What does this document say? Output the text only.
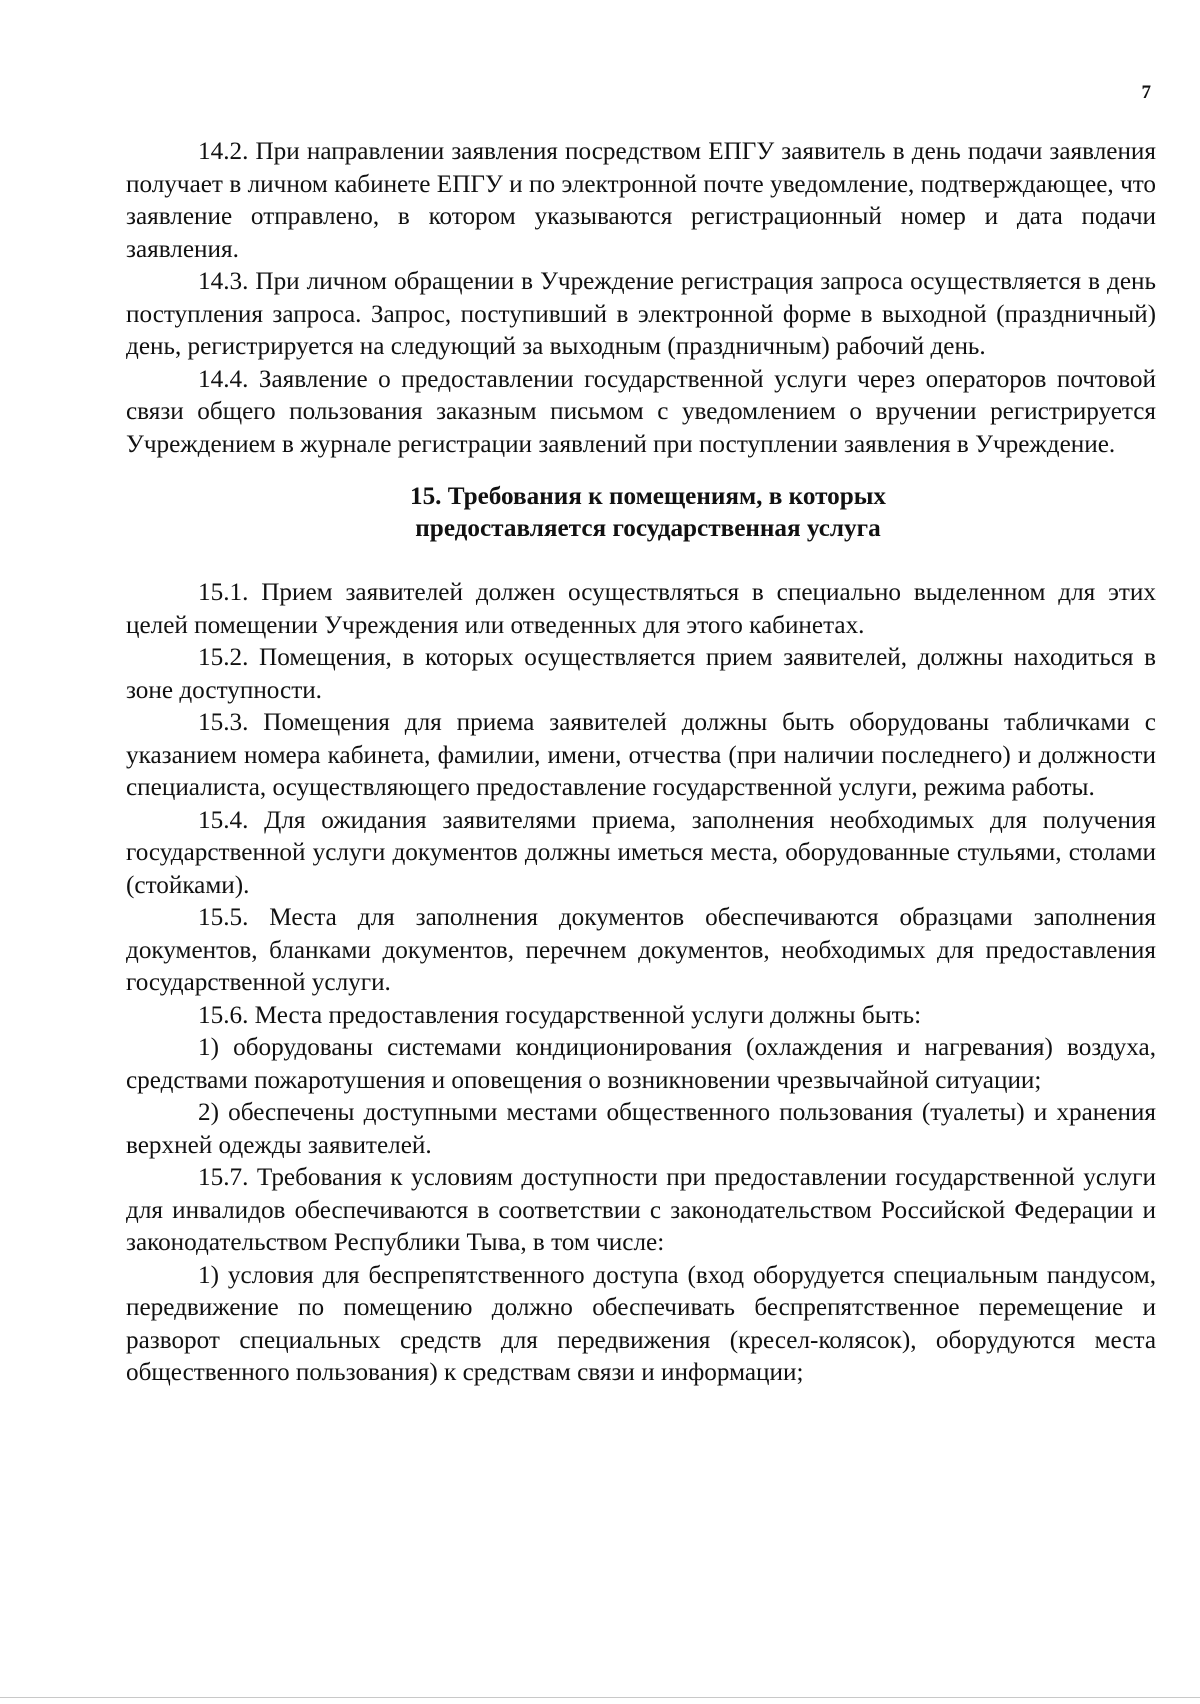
7

14.2. При направлении заявления посредством ЕПГУ заявитель в день подачи заявления получает в личном кабинете ЕПГУ и по электронной почте уведомление, подтверждающее, что заявление отправлено, в котором указываются регистрационный номер и дата подачи заявления.

14.3. При личном обращении в Учреждение регистрация запроса осуществляется в день поступления запроса. Запрос, поступивший в электронной форме в выходной (праздничный) день, регистрируется на следующий за выходным (праздничным) рабочий день.

14.4. Заявление о предоставлении государственной услуги через операторов почтовой связи общего пользования заказным письмом с уведомлением о вручении регистрируется Учреждением в журнале регистрации заявлений при поступлении заявления в Учреждение.

15. Требования к помещениям, в которых
предоставляется государственная услуга

15.1. Прием заявителей должен осуществляться в специально выделенном для этих целей помещении Учреждения или отведенных для этого кабинетах.

15.2. Помещения, в которых осуществляется прием заявителей, должны находиться в зоне доступности.

15.3. Помещения для приема заявителей должны быть оборудованы табличками с указанием номера кабинета, фамилии, имени, отчества (при наличии последнего) и должности специалиста, осуществляющего предоставление государственной услуги, режима работы.

15.4. Для ожидания заявителями приема, заполнения необходимых для получения государственной услуги документов должны иметься места, оборудованные стульями, столами (стойками).

15.5. Места для заполнения документов обеспечиваются образцами заполнения документов, бланками документов, перечнем документов, необходимых для предоставления государственной услуги.

15.6. Места предоставления государственной услуги должны быть:

1) оборудованы системами кондиционирования (охлаждения и нагревания) воздуха, средствами пожаротушения и оповещения о возникновении чрезвычайной ситуации;

2) обеспечены доступными местами общественного пользования (туалеты) и хранения верхней одежды заявителей.

15.7. Требования к условиям доступности при предоставлении государственной услуги для инвалидов обеспечиваются в соответствии с законодательством Российской Федерации и законодательством Республики Тыва, в том числе:

1) условия для беспрепятственного доступа (вход оборудуется специальным пандусом, передвижение по помещению должно обеспечивать беспрепятственное перемещение и разворот специальных средств для передвижения (кресел-колясок), оборудуются места общественного пользования) к средствам связи и информации;
